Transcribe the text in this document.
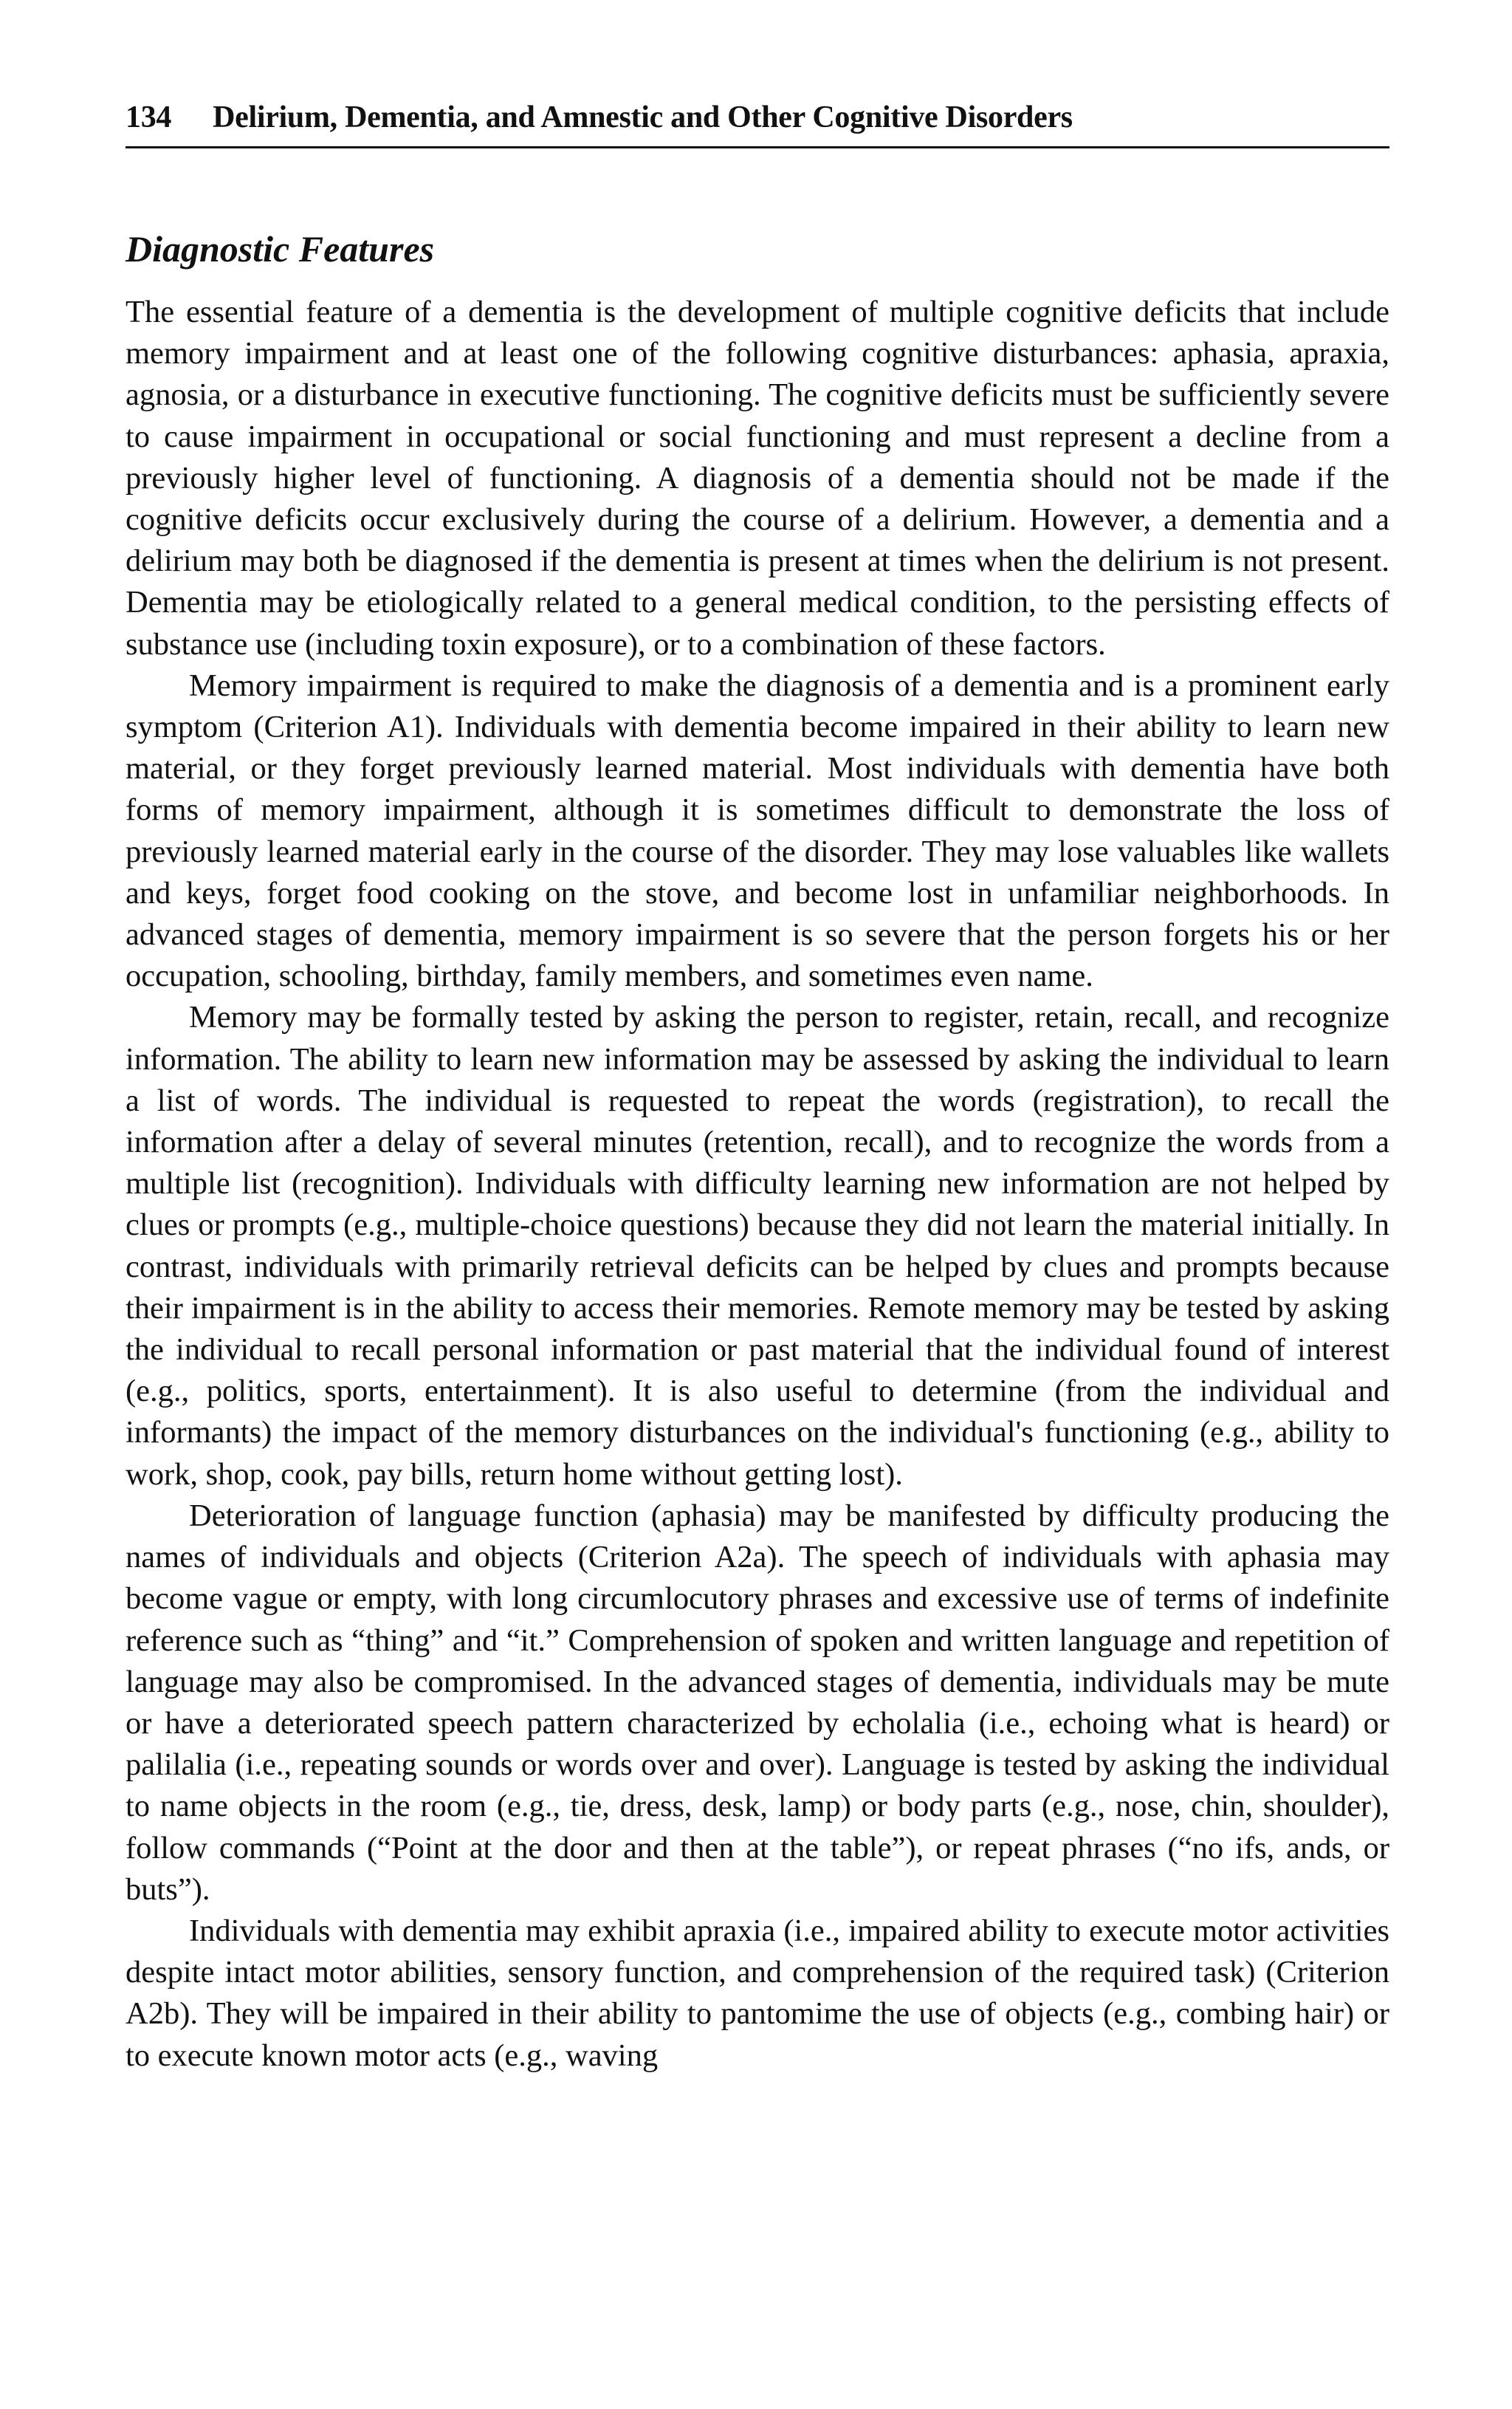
134 Delirium, Dementia, and Amnestic and Other Cognitive Disorders
Diagnostic Features

The essential feature of a dementia is the development of multiple cognitive deficits that include memory impairment and at least one of the following cognitive disturbances: aphasia, apraxia, agnosia, or a disturbance in executive functioning. The cognitive deficits must be sufficiently severe to cause impairment in occupational or social functioning and must represent a decline from a previously higher level of functioning. A diagnosis of a dementia should not be made if the cognitive deficits occur exclusively during the course of a delirium. However, a dementia and a delirium may both be diagnosed if the dementia is present at times when the delirium is not present. Dementia may be etiologically related to a general medical condition, to the persisting effects of substance use (including toxin exposure), or to a combination of these factors.

Memory impairment is required to make the diagnosis of a dementia and is a prominent early symptom (Criterion A1). Individuals with dementia become impaired in their ability to learn new material, or they forget previously learned material. Most individuals with dementia have both forms of memory impairment, although it is sometimes difficult to demonstrate the loss of previously learned material early in the course of the disorder. They may lose valuables like wallets and keys, forget food cooking on the stove, and become lost in unfamiliar neighborhoods. In advanced stages of dementia, memory impairment is so severe that the person forgets his or her occupation, schooling, birthday, family members, and sometimes even name.

Memory may be formally tested by asking the person to register, retain, recall, and recognize information. The ability to learn new information may be assessed by asking the individual to learn a list of words. The individual is requested to repeat the words (registration), to recall the information after a delay of several minutes (retention, recall), and to recognize the words from a multiple list (recognition). Individuals with difficulty learning new information are not helped by clues or prompts (e.g., multiple-choice questions) because they did not learn the material initially. In contrast, individuals with primarily retrieval deficits can be helped by clues and prompts because their impairment is in the ability to access their memories. Remote memory may be tested by asking the individual to recall personal information or past material that the individual found of interest (e.g., politics, sports, entertainment). It is also useful to determine (from the individual and informants) the impact of the memory disturbances on the individual's functioning (e.g., ability to work, shop, cook, pay bills, return home without getting lost).

Deterioration of language function (aphasia) may be manifested by difficulty producing the names of individuals and objects (Criterion A2a). The speech of individuals with aphasia may become vague or empty, with long circumlocutory phrases and excessive use of terms of indefinite reference such as “thing” and “it.” Comprehension of spoken and written language and repetition of language may also be compromised. In the advanced stages of dementia, individuals may be mute or have a deteriorated speech pattern characterized by echolalia (i.e., echoing what is heard) or palilalia (i.e., repeating sounds or words over and over). Language is tested by asking the individual to name objects in the room (e.g., tie, dress, desk, lamp) or body parts (e.g., nose, chin, shoulder), follow commands (“Point at the door and then at the table”), or repeat phrases (“no ifs, ands, or buts”).

Individuals with dementia may exhibit apraxia (i.e., impaired ability to execute motor activities despite intact motor abilities, sensory function, and comprehension of the required task) (Criterion A2b). They will be impaired in their ability to pantomime the use of objects (e.g., combing hair) or to execute known motor acts (e.g., waving
